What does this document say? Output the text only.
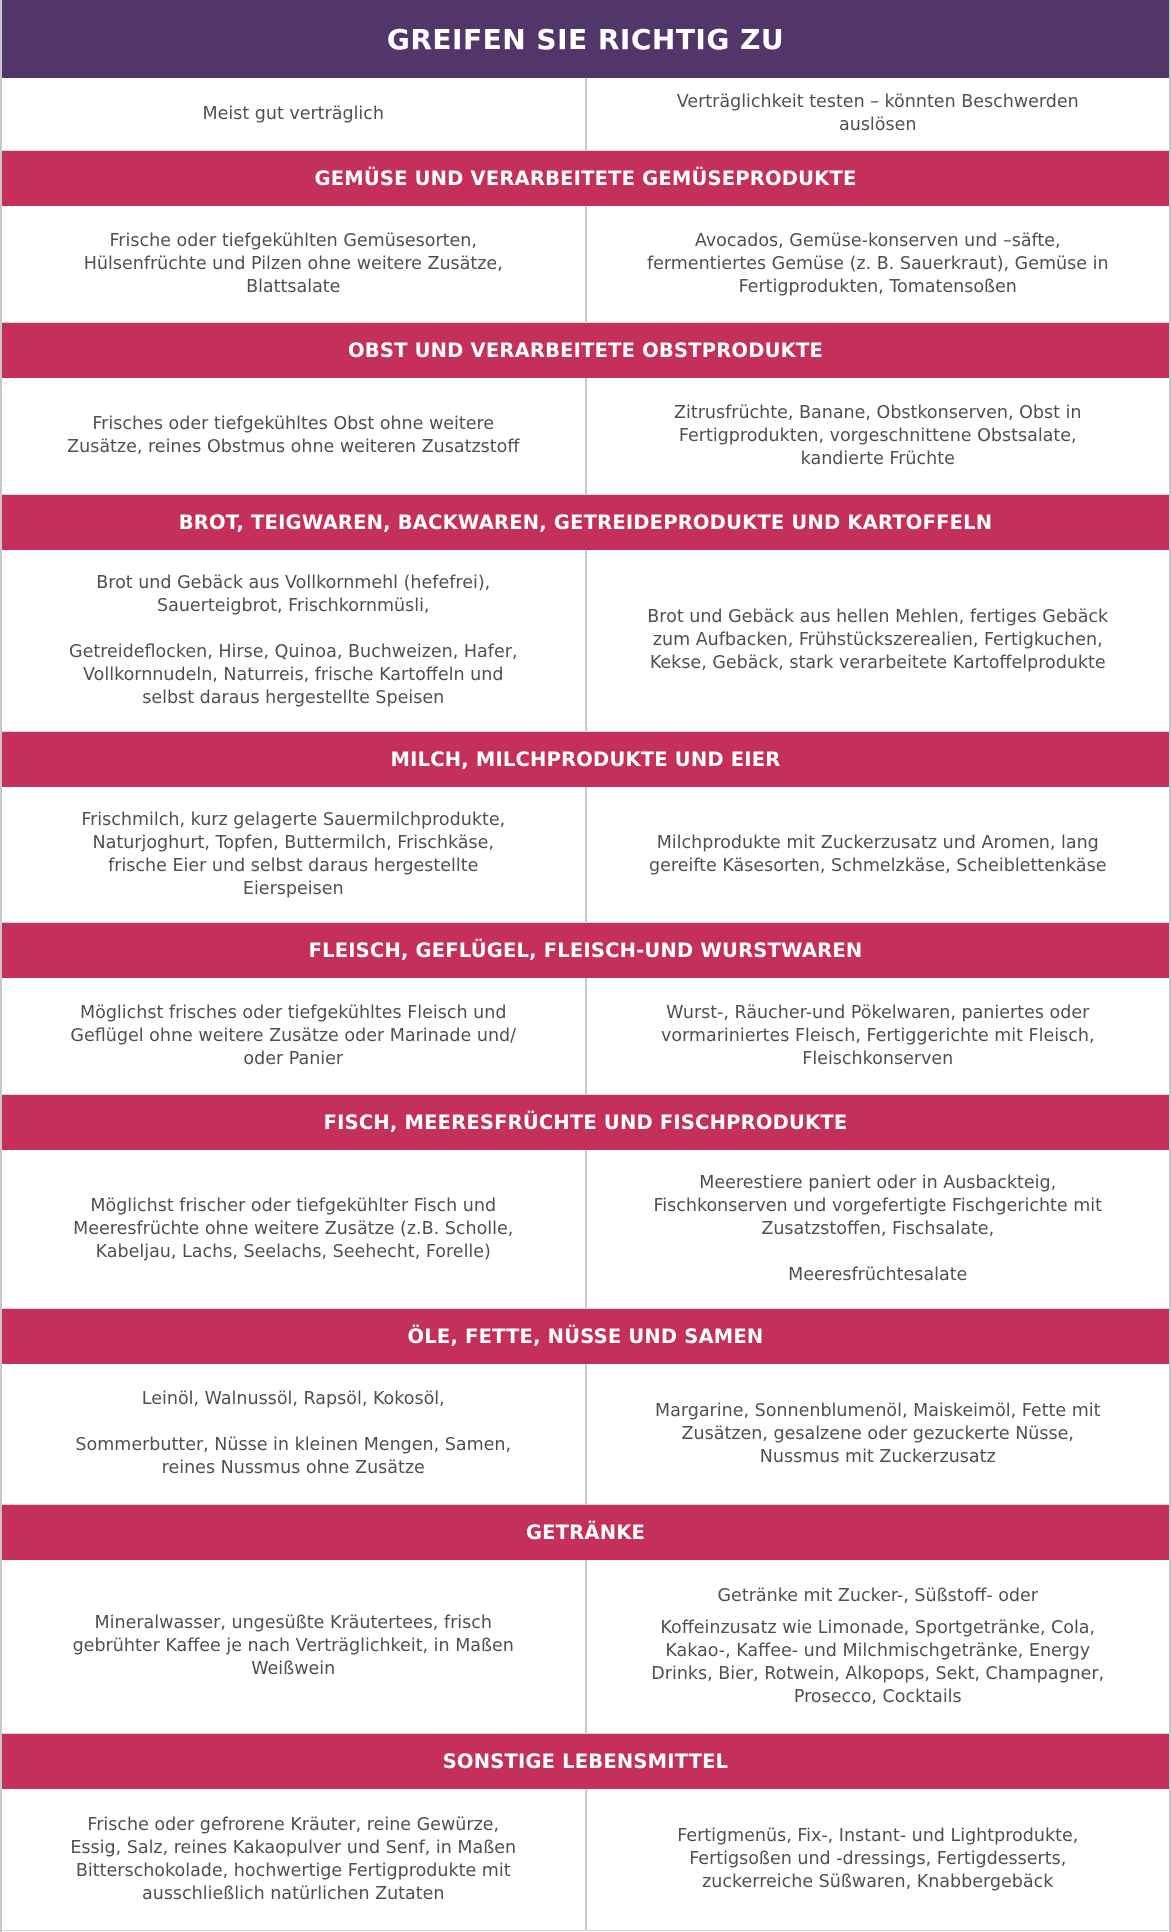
GREIFEN SIE RICHTIG ZU
Meist gut verträglich
Verträglichkeit testen – könnten Beschwerden auslösen
GEMÜSE UND VERARBEITETE GEMÜSEPRODUKTE

Frische oder tiefgekühlten Gemüsesorten, Hülsenfrüchte und Pilzen ohne weitere Zusätze, Blattsalate

Avocados, Gemüse-konserven und –säfte, fermentiertes Gemüse (z. B. Sauerkraut), Gemüse in Fertigprodukten, Tomatensoßen

OBST UND VERARBEITETE OBSTPRODUKTE

Frisches oder tiefgekühltes Obst ohne weitere Zusätze, reines Obstmus ohne weiteren Zusatzstoff

Zitrusfrüchte, Banane, Obstkonserven, Obst in Fertigprodukten, vorgeschnittene Obstsalate, kandierte Früchte

BROT, TEIGWAREN, BACKWAREN, GETREIDEPRODUKTE UND KARTOFFELN

Brot und Gebäck aus Vollkornmehl (hefefrei), Sauerteigbrot, Frischkornmüsli,

Getreideflocken, Hirse, Quinoa, Buchweizen, Hafer, Vollkornnudeln, Naturreis, frische Kartoffeln und selbst daraus hergestellte Speisen

Brot und Gebäck aus hellen Mehlen, fertiges Gebäck zum Aufbacken, Frühstückszerealien, Fertigkuchen, Kekse, Gebäck, stark verarbeitete Kartoffelprodukte

MILCH, MILCHPRODUKTE UND EIER

Frischmilch, kurz gelagerte Sauermilchprodukte, Naturjoghurt, Topfen, Buttermilch, Frischkäse, frische Eier und selbst daraus hergestellte Eierspeisen

Milchprodukte mit Zuckerzusatz und Aromen, lang gereifte Käsesorten, Schmelzkäse, Scheiblettenkäse

FLEISCH, GEFLÜGEL, FLEISCH-UND WURSTWAREN

Möglichst frisches oder tiefgekühltes Fleisch und Geflügel ohne weitere Zusätze oder Marinade und/ oder Panier

Wurst-, Räucher-und Pökelwaren, paniertes oder vormariniertes Fleisch, Fertiggerichte mit Fleisch, Fleischkonserven

FISCH, MEERESFRÜCHTE UND FISCHPRODUKTE

Möglichst frischer oder tiefgekühlter Fisch und Meeresfrüchte ohne weitere Zusätze (z.B. Scholle, Kabeljau, Lachs, Seelachs, Seehecht, Forelle)

Meerestiere paniert oder in Ausbackteig, Fischkonserven und vorgefertigte Fischgerichte mit Zusatzstoffen, Fischsalate,

Meeresfrüchtesalate

ÖLE, FETTE, NÜSSE UND SAMEN

Leinöl, Walnussöl, Rapsöl, Kokosöl,

Sommerbutter, Nüsse in kleinen Mengen, Samen, reines Nussmus ohne Zusätze

Margarine, Sonnenblumenöl, Maiskeimöl, Fette mit Zusätzen, gesalzene oder gezuckerte Nüsse, Nussmus mit Zuckerzusatz

GETRÄNKE

Mineralwasser, ungesüßte Kräutertees, frisch gebrühter Kaffee je nach Verträglichkeit, in Maßen Weißwein

Getränke mit Zucker-, Süßstoff- oder

Koffeinzusatz wie Limonade, Sportgetränke, Cola, Kakao-, Kaffee- und Milchmischgetränke, Energy Drinks, Bier, Rotwein, Alkopops, Sekt, Champagner, Prosecco, Cocktails

SONSTIGE LEBENSMITTEL

Frische oder gefrorene Kräuter, reine Gewürze, Essig, Salz, reines Kakaopulver und Senf, in Maßen Bitterschokolade, hochwertige Fertigprodukte mit ausschließlich natürlichen Zutaten

Fertigmenüs, Fix-, Instant- und Lightprodukte, Fertigsoßen und -dressings, Fertigdesserts, zuckerreiche Süßwaren, Knabbergebäck
